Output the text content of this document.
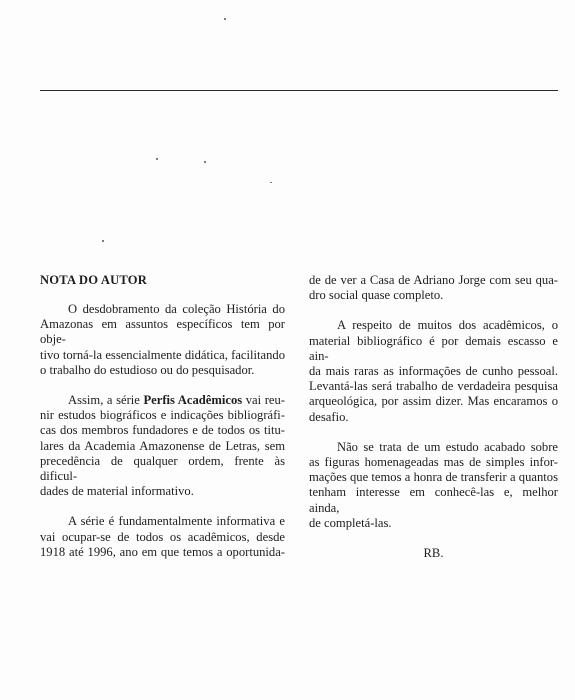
NOTA DO AUTOR
O desdobramento da coleção História do
Amazonas em assuntos específicos tem por obje-
tivo torná-la essencialmente didática, facilitando
o trabalho do estudioso ou do pesquisador.
Assim, a série Perfis Acadêmicos vai reu-
nir estudos biográficos e indicações bibliográfi-
cas dos membros fundadores e de todos os titu-
lares da Academia Amazonense de Letras, sem
precedência de qualquer ordem, frente às dificul-
dades de material informativo.
A série é fundamentalmente informativa e
vai ocupar-se de todos os acadêmicos, desde
1918 até 1996, ano em que temos a oportunida-
de de ver a Casa de Adriano Jorge com seu qua-
dro social quase completo.
A respeito de muitos dos acadêmicos, o
material bibliográfico é por demais escasso e ain-
da mais raras as informações de cunho pessoal.
Levantá-las será trabalho de verdadeira pesquisa
arqueológica, por assim dizer. Mas encaramos o
desafio.
Não se trata de um estudo acabado sobre
as figuras homenageadas mas de simples infor-
mações que temos a honra de transferir a quantos
tenham interesse em conhecê-las e, melhor ainda,
de completá-las.
RB.
